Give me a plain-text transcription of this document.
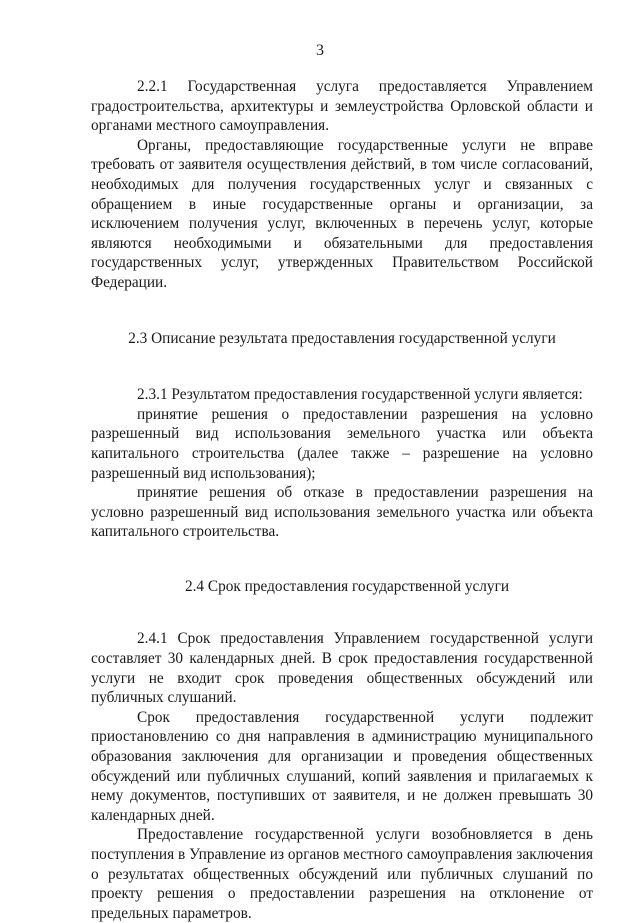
3

2.2.1 Государственная услуга предоставляется Управлением градостроительства, архитектуры и землеустройства Орловской области и органами местного самоуправления.

Органы, предоставляющие государственные услуги не вправе требовать от заявителя осуществления действий, в том числе согласований, необходимых для получения государственных услуг и связанных с обращением в иные государственные органы и организации, за исключением получения услуг, включенных в перечень услуг, которые являются необходимыми и обязательными для предоставления государственных услуг, утвержденных Правительством Российской Федерации.

2.3 Описание результата предоставления государственной услуги

2.3.1 Результатом предоставления государственной услуги является:

принятие решения о предоставлении разрешения на условно разрешенный вид использования земельного участка или объекта капитального строительства (далее также – разрешение на условно разрешенный вид использования);

принятие решения об отказе в предоставлении разрешения на условно разрешенный вид использования земельного участка или объекта капитального строительства.

2.4 Срок предоставления государственной услуги

2.4.1 Срок предоставления Управлением государственной услуги составляет 30 календарных дней. В срок предоставления государственной услуги не входит срок проведения общественных обсуждений или публичных слушаний.

Срок предоставления государственной услуги подлежит приостановлению со дня направления в администрацию муниципального образования заключения для организации и проведения общественных обсуждений или публичных слушаний, копий заявления и прилагаемых к нему документов, поступивших от заявителя, и не должен превышать 30 календарных дней.

Предоставление государственной услуги возобновляется в день поступления в Управление из органов местного самоуправления заключения о результатах общественных обсуждений или публичных слушаний по проекту решения о предоставлении разрешения на отклонение от предельных параметров.
